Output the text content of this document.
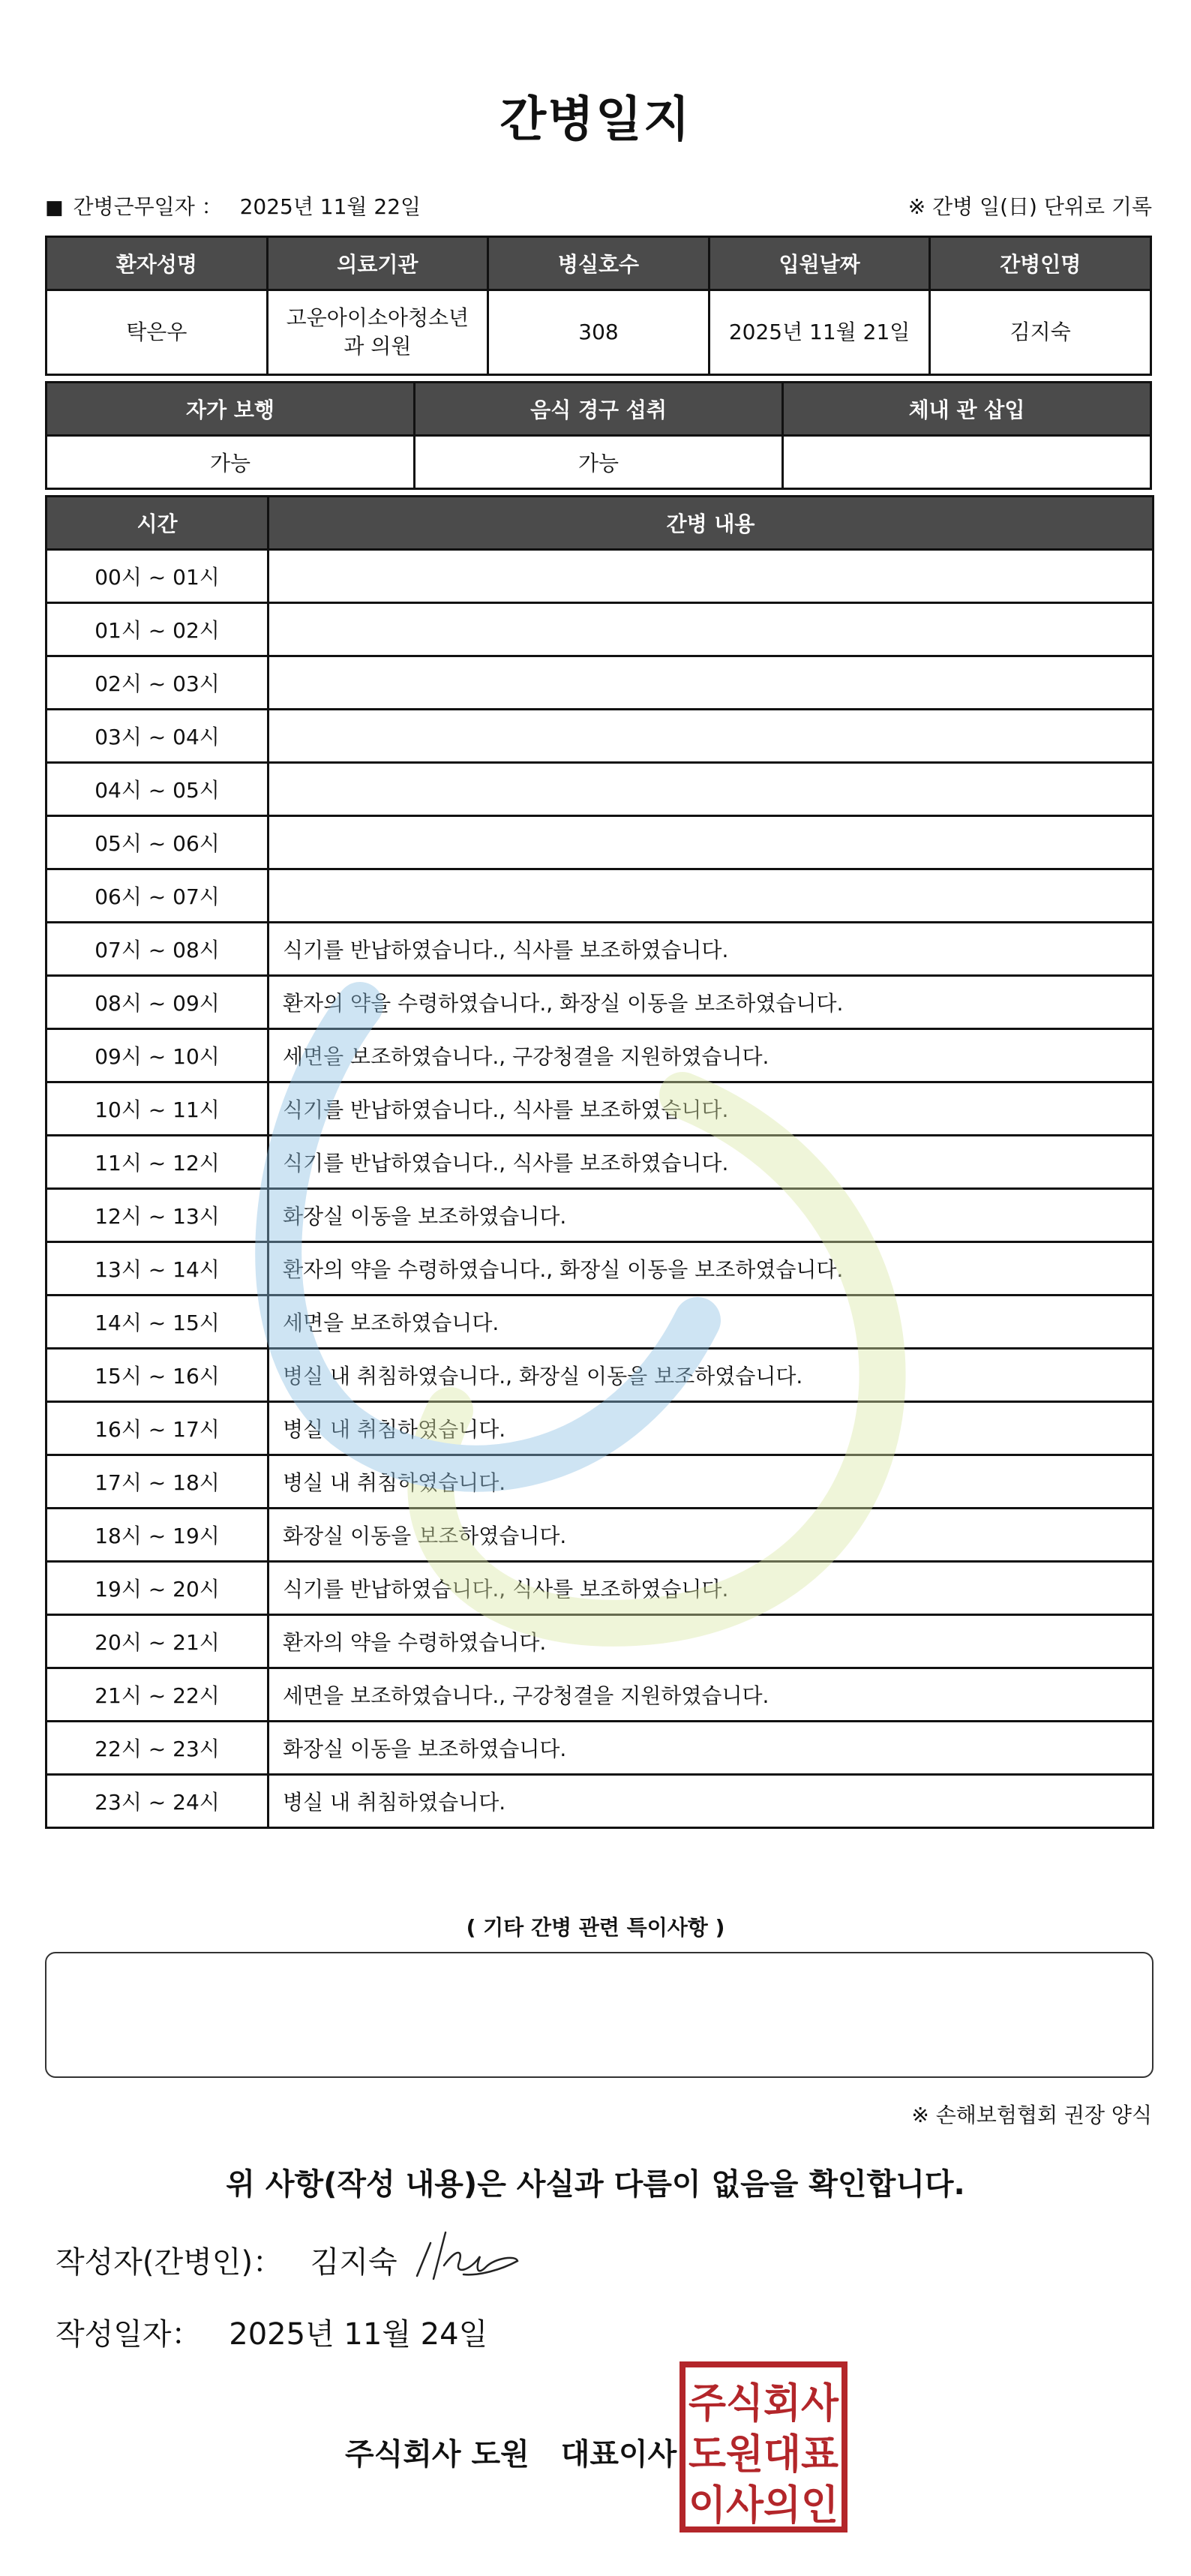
간병일지
■ 간병근무일자 ： 2025년 11월 22일	※ 간병 일(日) 단위로 기록
환자성명	의료기관	병실호수	입원날짜	간병인명
탁은우	고운아이소아청소년과 의원	308	2025년 11월 21일	김지숙
자가 보행	음식 경구 섭취	체내 관 삽입
가능	가능	
시간	간병 내용
00시 ~ 01시	
01시 ~ 02시	
02시 ~ 03시	
03시 ~ 04시	
04시 ~ 05시	
05시 ~ 06시	
06시 ~ 07시	
07시 ~ 08시	식기를 반납하였습니다., 식사를 보조하였습니다.
08시 ~ 09시	환자의 약을 수령하였습니다., 화장실 이동을 보조하였습니다.
09시 ~ 10시	세면을 보조하였습니다., 구강청결을 지원하였습니다.
10시 ~ 11시	식기를 반납하였습니다., 식사를 보조하였습니다.
11시 ~ 12시	식기를 반납하였습니다., 식사를 보조하였습니다.
12시 ~ 13시	화장실 이동을 보조하였습니다.
13시 ~ 14시	환자의 약을 수령하였습니다., 화장실 이동을 보조하였습니다.
14시 ~ 15시	세면을 보조하였습니다.
15시 ~ 16시	병실 내 취침하였습니다., 화장실 이동을 보조하였습니다.
16시 ~ 17시	병실 내 취침하였습니다.
17시 ~ 18시	병실 내 취침하였습니다.
18시 ~ 19시	화장실 이동을 보조하였습니다.
19시 ~ 20시	식기를 반납하였습니다., 식사를 보조하였습니다.
20시 ~ 21시	환자의 약을 수령하였습니다.
21시 ~ 22시	세면을 보조하였습니다., 구강청결을 지원하였습니다.
22시 ~ 23시	화장실 이동을 보조하였습니다.
23시 ~ 24시	병실 내 취침하였습니다.
( 기타 간병 관련 특이사항 )
※ 손해보험협회 권장 양식
위 사항(작성 내용)은 사실과 다름이 없음을 확인합니다.
작성자(간병인)： 김지숙
작성일자： 2025년 11월 24일
주식회사 도원 대표이사
주식회사
도원대표
이사의인
